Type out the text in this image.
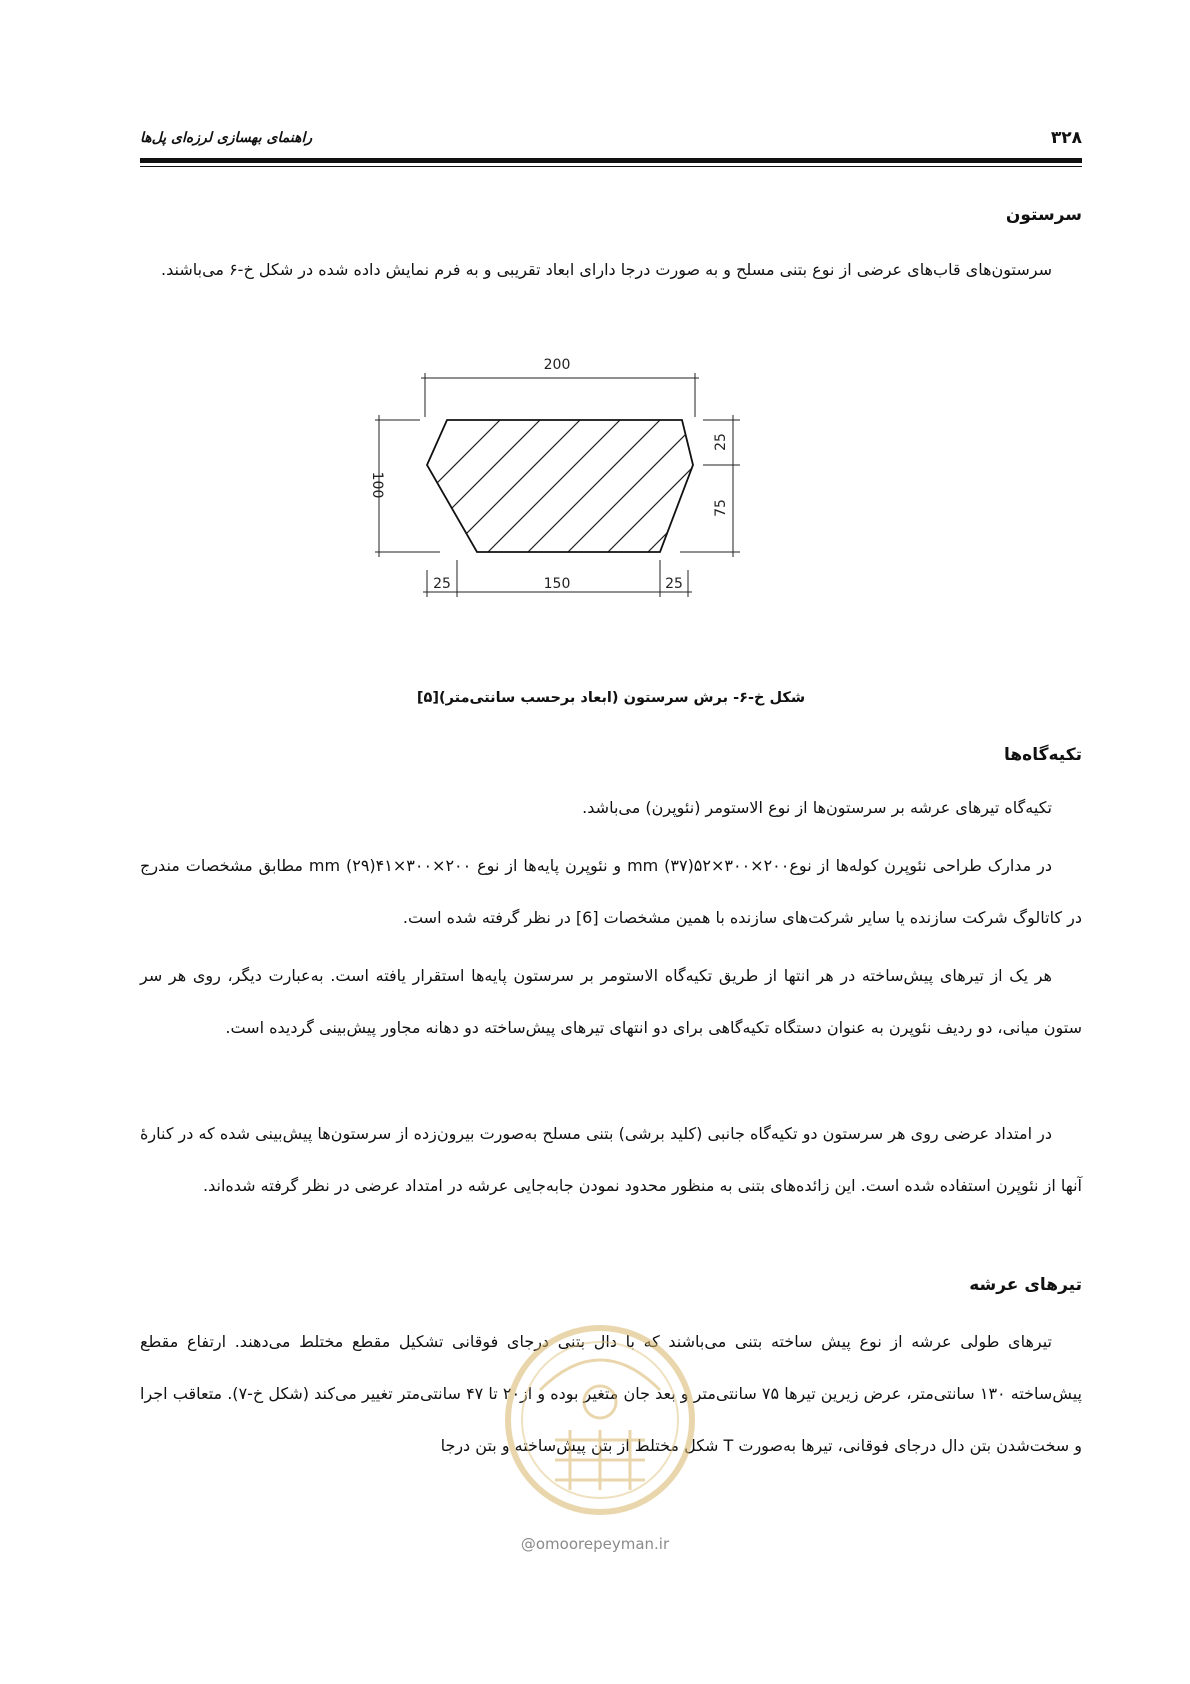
۳۲۸
راهنمای بهسازی لرزه‌ای پل‌ها
سرستون

سرستون‌های قاب‌های عرضی از نوع بتنی مسلح و به صورت درجا دارای ابعاد تقریبی و به فرم نمایش داده شده در شکل خ-۶ می‌باشند.

200
100
25
75
25	150	25
شکل خ-۶- برش سرستون (ابعاد برحسب سانتی‌متر)[۵]
تکیه‌گاه‌ها

تکیه‌گاه تیرهای عرشه بر سرستون‌ها از نوع الاستومر (نئوپرن) می‌باشد.

در مدارک طراحی نئوپرن کوله‌ها از نوعmm (۳۷)۵۲×۳۰۰×۲۰۰ و نئوپرن پایه‌ها از نوع mm (۲۹)۴۱×۳۰۰×۲۰۰ مطابق مشخصات مندرج در کاتالوگ شرکت سازنده یا سایر شرکت‌های سازنده با همین مشخصات [6] در نظر گرفته شده است.

هر یک از تیرهای پیش‌ساخته در هر انتها از طریق تکیه‌گاه الاستومر بر سرستون پایه‌ها استقرار یافته است. به‌عبارت دیگر، روی هر سر ستون میانی، دو ردیف نئوپرن به عنوان دستگاه تکیه‌گاهی برای دو انتهای تیرهای پیش‌ساخته دو دهانه مجاور پیش‌بینی گردیده است.

در امتداد عرضی روی هر سرستون دو تکیه‌گاه جانبی (کلید برشی) بتنی مسلح به‌صورت بیرون‌زده از سرستون‌ها پیش‌بینی شده که در کنارهٔ آنها از نئوپرن استفاده شده است. این زائده‌های بتنی به منظور محدود نمودن جابه‌جایی عرشه در امتداد عرضی در نظر گرفته شده‌اند.

تیرهای عرشه

تیرهای طولی عرشه از نوع پیش ساخته بتنی می‌باشند که با دال بتنی درجای فوقانی تشکیل مقطع مختلط می‌دهند. ارتفاع مقطع پیش‌ساخته ۱۳۰ سانتی‌متر، عرض زیرین تیرها ۷۵ سانتی‌متر و بعد جان متغیر بوده و از۲۰ تا ۴۷ سانتی‌متر تغییر می‌کند (شکل خ-۷). متعاقب اجرا و سخت‌شدن بتن دال درجای فوقانی، تیرها به‌صورت T شکل مختلط از بتن پیش‌ساخته و بتن درجا

@omoorepeyman.ir
